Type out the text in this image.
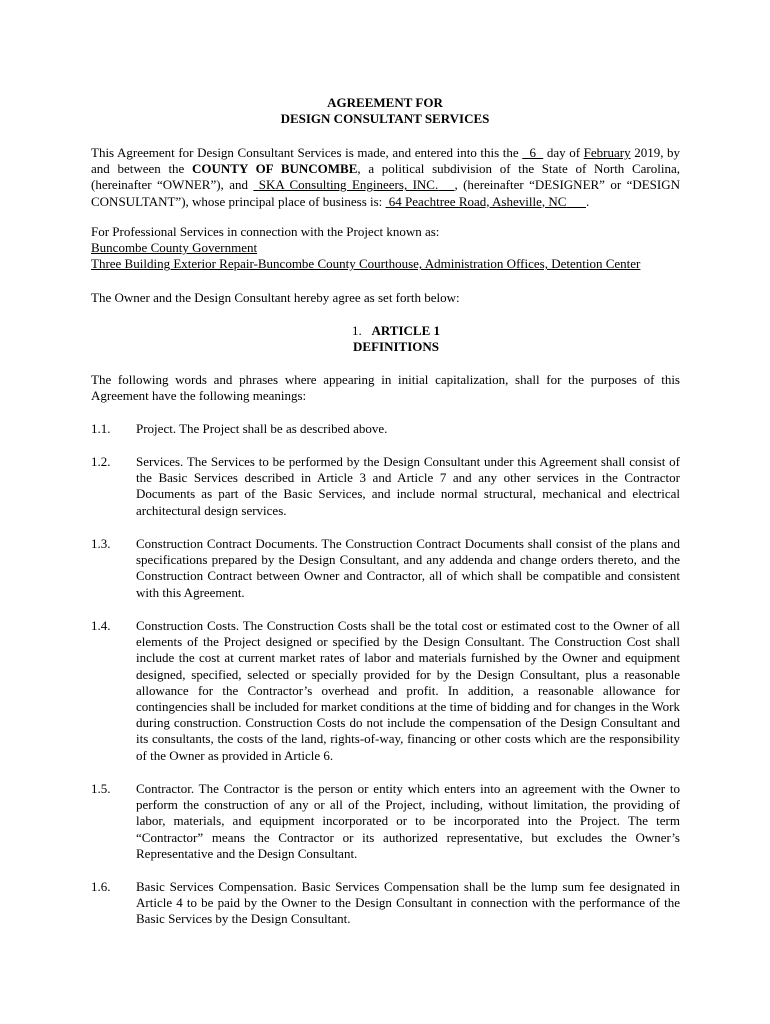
AGREEMENT FOR
DESIGN CONSULTANT SERVICES
This Agreement for Design Consultant Services is made, and entered into this the 6 day of February 2019, by and between the COUNTY OF BUNCOMBE, a political subdivision of the State of North Carolina, (hereinafter “OWNER”), and SKA Consulting Engineers, INC. , (hereinafter “DESIGNER” or “DESIGN CONSULTANT”), whose principal place of business is: 64 Peachtree Road, Asheville, NC .
For Professional Services in connection with the Project known as:
Buncombe County Government
Three Building Exterior Repair-Buncombe County Courthouse, Administration Offices, Detention Center
The Owner and the Design Consultant hereby agree as set forth below:
1. ARTICLE 1
DEFINITIONS
The following words and phrases where appearing in initial capitalization, shall for the purposes of this Agreement have the following meanings:
1.1.	Project. The Project shall be as described above.
1.2.	Services. The Services to be performed by the Design Consultant under this Agreement shall consist of the Basic Services described in Article 3 and Article 7 and any other services in the Contractor Documents as part of the Basic Services, and include normal structural, mechanical and electrical architectural design services.
1.3.	Construction Contract Documents. The Construction Contract Documents shall consist of the plans and specifications prepared by the Design Consultant, and any addenda and change orders thereto, and the Construction Contract between Owner and Contractor, all of which shall be compatible and consistent with this Agreement.
1.4.	Construction Costs. The Construction Costs shall be the total cost or estimated cost to the Owner of all elements of the Project designed or specified by the Design Consultant. The Construction Cost shall include the cost at current market rates of labor and materials furnished by the Owner and equipment designed, specified, selected or specially provided for by the Design Consultant, plus a reasonable allowance for the Contractor’s overhead and profit. In addition, a reasonable allowance for contingencies shall be included for market conditions at the time of bidding and for changes in the Work during construction. Construction Costs do not include the compensation of the Design Consultant and its consultants, the costs of the land, rights-of-way, financing or other costs which are the responsibility of the Owner as provided in Article 6.
1.5.	Contractor. The Contractor is the person or entity which enters into an agreement with the Owner to perform the construction of any or all of the Project, including, without limitation, the providing of labor, materials, and equipment incorporated or to be incorporated into the Project. The term “Contractor” means the Contractor or its authorized representative, but excludes the Owner’s Representative and the Design Consultant.
1.6.	Basic Services Compensation. Basic Services Compensation shall be the lump sum fee designated in Article 4 to be paid by the Owner to the Design Consultant in connection with the performance of the Basic Services by the Design Consultant.
